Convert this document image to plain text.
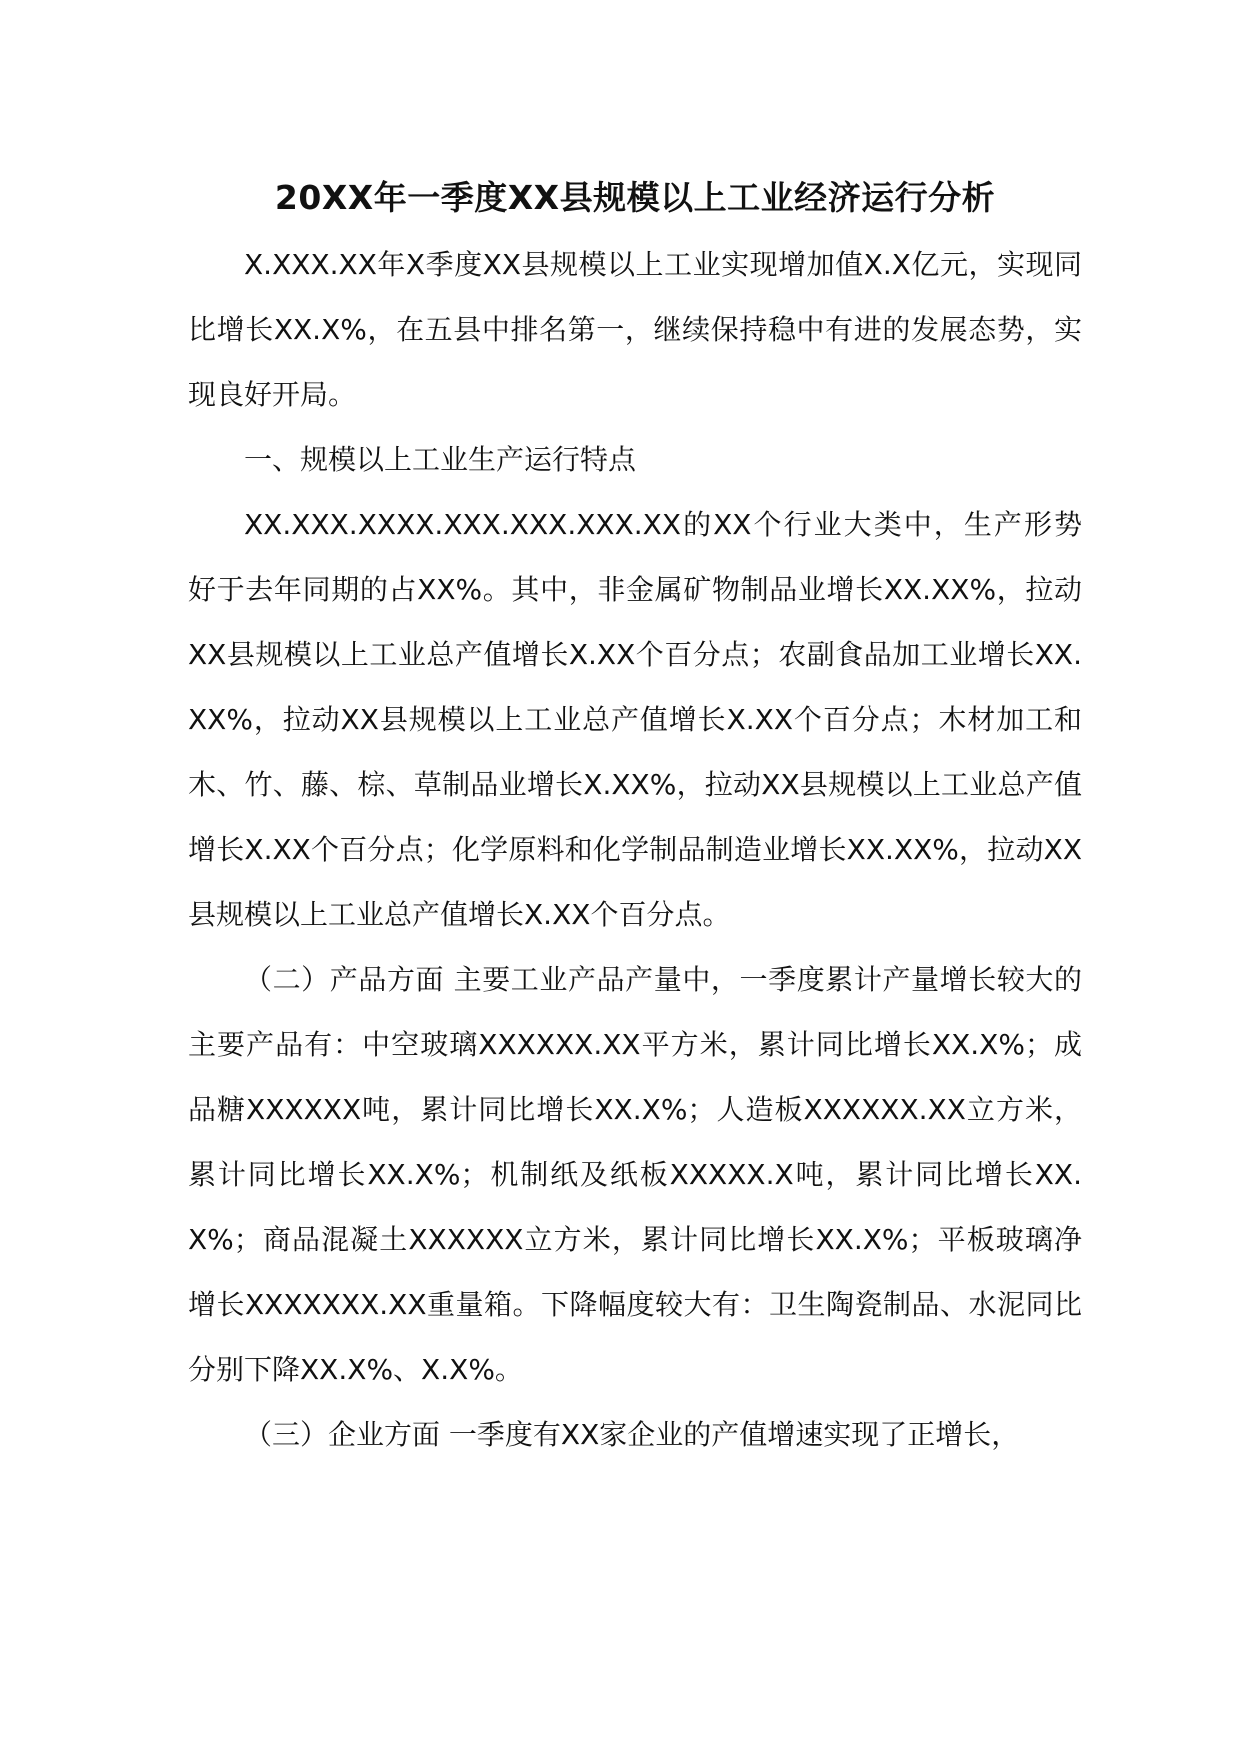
20XX年一季度XX县规模以上工业经济运行分析

X.XXX.XX年X季度XX县规模以上工业实现增加值X.X亿元，实现同比增长XX.X%，在五县中排名第一，继续保持稳中有进的发展态势，实现良好开局。

一、规模以上工业生产运行特点

XX.XXX.XXXX.XXX.XXX.XXX.XX的XX个行业大类中，生产形势好于去年同期的占XX%。其中，非金属矿物制品业增长XX.XX%，拉动XX县规模以上工业总产值增长X.XX个百分点；农副食品加工业增长XX.XX%，拉动XX县规模以上工业总产值增长X.XX个百分点；木材加工和木、竹、藤、棕、草制品业增长X.XX%，拉动XX县规模以上工业总产值增长X.XX个百分点；化学原料和化学制品制造业增长XX.XX%，拉动XX县规模以上工业总产值增长X.XX个百分点。

（二）产品方面 主要工业产品产量中，一季度累计产量增长较大的主要产品有：中空玻璃XXXXXX.XX平方米，累计同比增长XX.X%；成品糖XXXXXX吨，累计同比增长XX.X%；人造板XXXXXX.XX立方米，累计同比增长XX.X%；机制纸及纸板XXXXX.X吨，累计同比增长XX.X%；商品混凝土XXXXXX立方米，累计同比增长XX.X%；平板玻璃净增长XXXXXXX.XX重量箱。下降幅度较大有：卫生陶瓷制品、水泥同比分别下降XX.X%、X.X%。

（三）企业方面 一季度有XX家企业的产值增速实现了正增长，
